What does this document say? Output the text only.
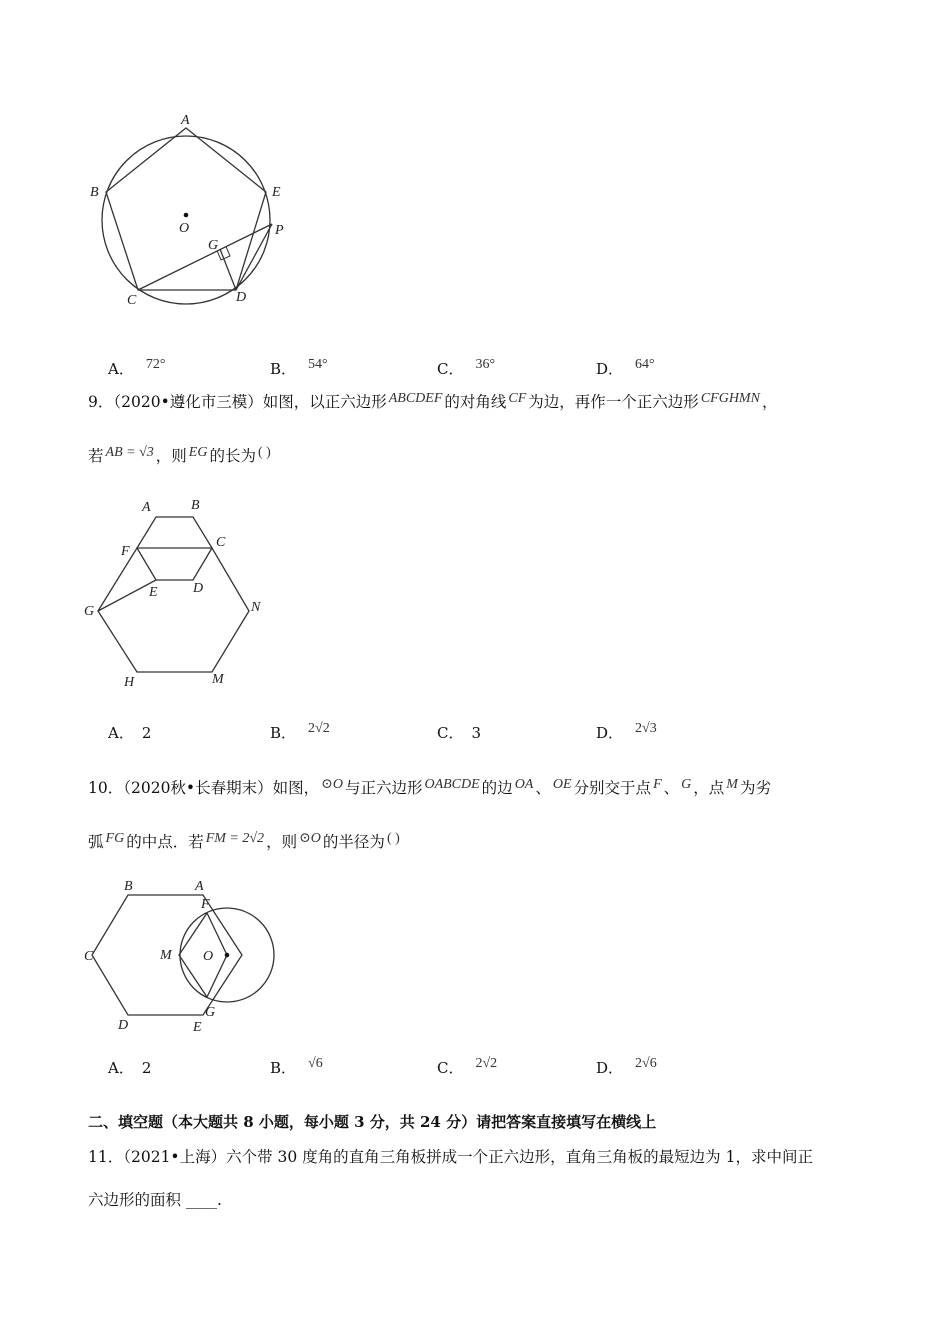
A
B	E
O
G
P
C	D
A． 72°	B． 54°	C． 36°	D． 64°
9．（2020•遵化市三模）如图，以正六边形 ABCDEF 的对角线 CF 为边，再作一个正六边形 CFGHMN ，
若 AB = √3 ，则 EG 的长为 ( )
A	B
F
C
E	D
G	N
H	M
A． 2	B． 2√2	C． 3	D． 2√3
10．（2020秋•长春期末）如图， ⊙O 与正六边形 OABCDE 的边 OA 、 OE 分别交于点 F 、 G ，点 M 为劣
弧 FG 的中点．若 FM = 2√2 ，则 ⊙O 的半径为 ( )
B	A
F
C	M O
G
D	E
A． 2	B． √6	C． 2√2	D． 2√6
二、填空题（本大题共 8 小题，每小题 3 分，共 24 分）请把答案直接填写在横线上
11．（2021•上海）六个带 30 度角的直角三角板拼成一个正六边形，直角三角板的最短边为 1，求中间正
六边形的面积 ____.
